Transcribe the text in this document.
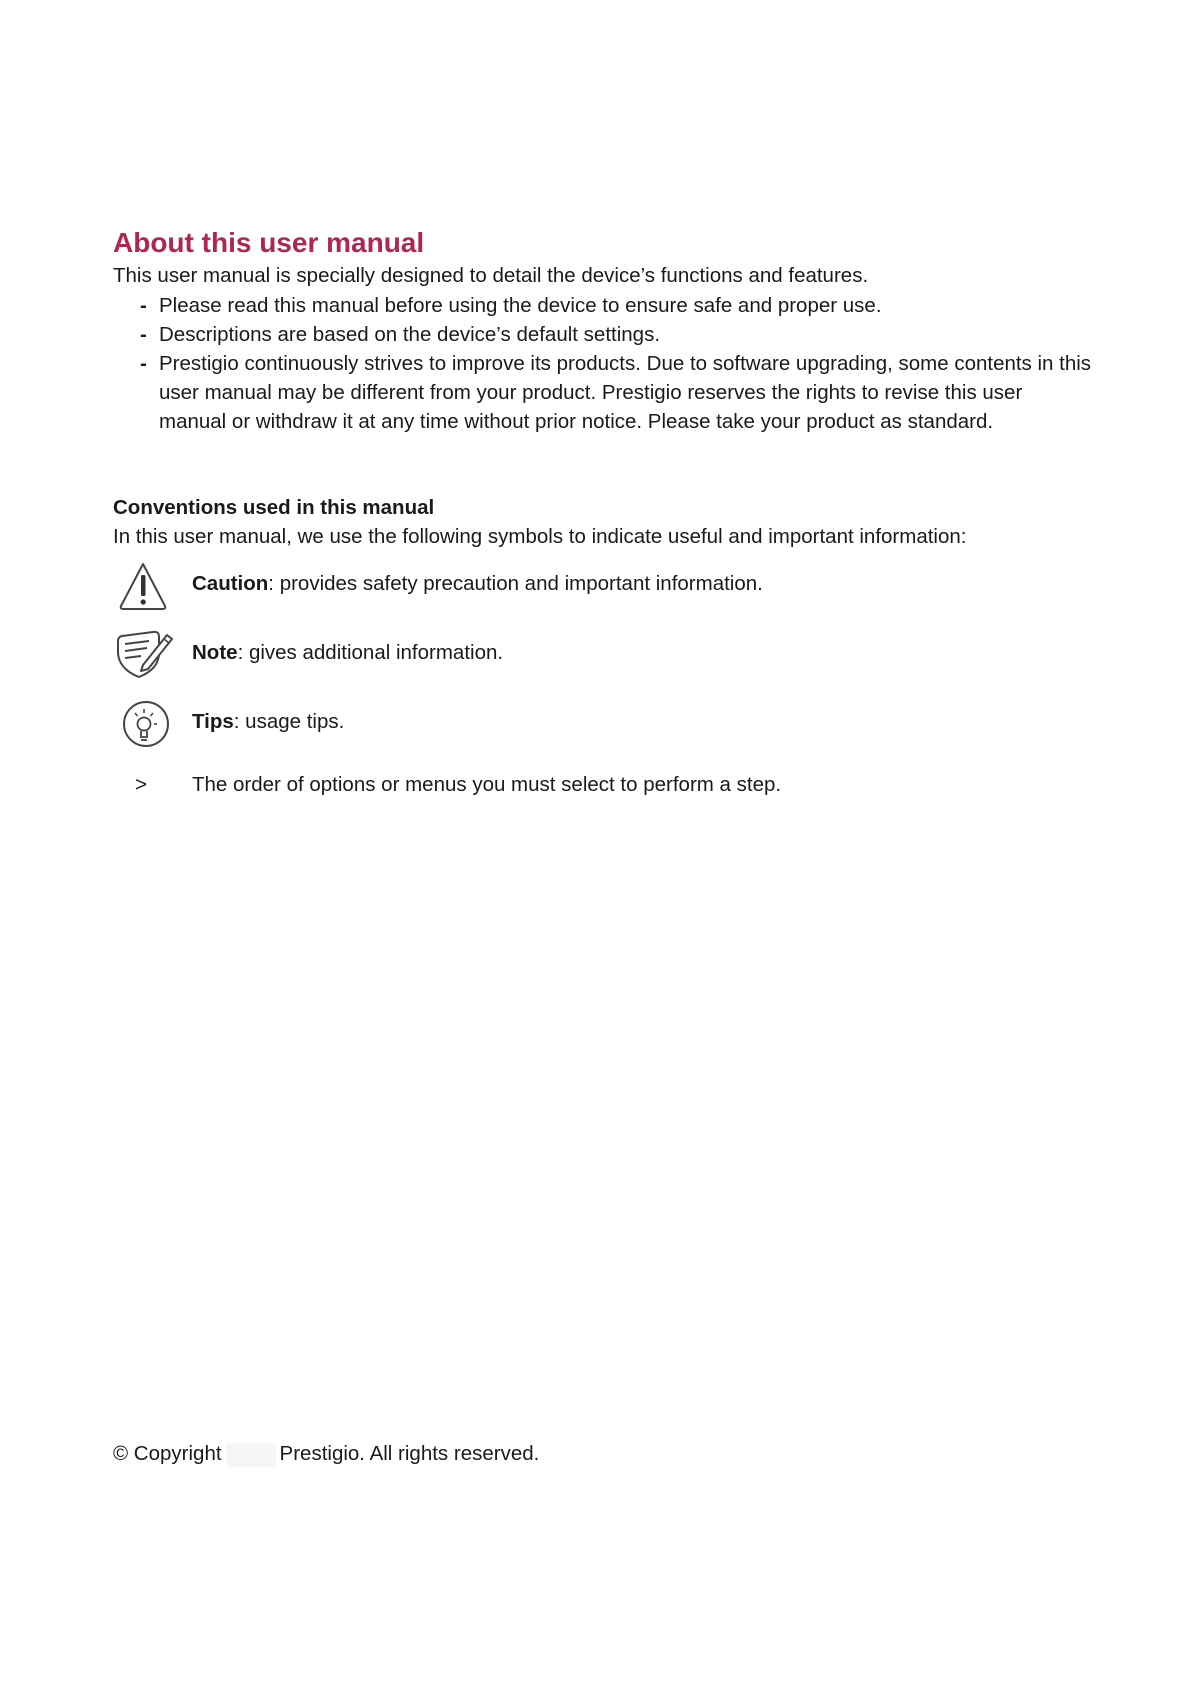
About this user manual

This user manual is specially designed to detail the device’s functions and features.

- Please read this manual before using the device to ensure safe and proper use.
- Descriptions are based on the device’s default settings.
- Prestigio continuously strives to improve its products. Due to software upgrading, some contents in this user manual may be different from your product. Prestigio reserves the rights to revise this user manual or withdraw it at any time without prior notice. Please take your product as standard.
Conventions used in this manual

In this user manual, we use the following symbols to indicate useful and important information:

Caution: provides safety precaution and important information.
Note: gives additional information.
Tips: usage tips.
> The order of options or menus you must select to perform a step.

© Copyright	Prestigio. All rights reserved.
